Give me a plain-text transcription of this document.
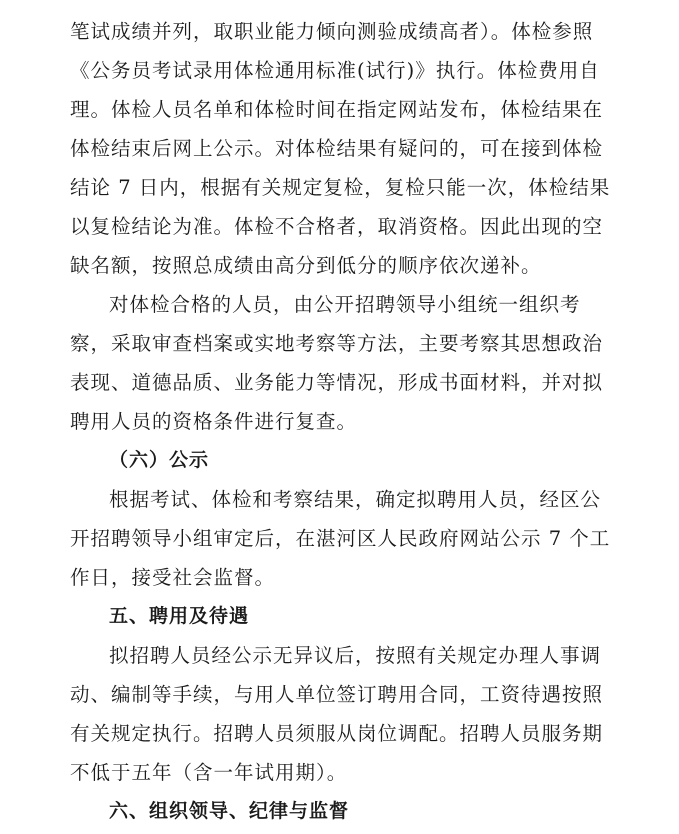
笔试成绩并列，取职业能力倾向测验成绩高者）。体检参照
《公务员考试录用体检通用标准(试行)》执行。体检费用自
理。体检人员名单和体检时间在指定网站发布，体检结果在
体检结束后网上公示。对体检结果有疑问的，可在接到体检
结论 7 日内，根据有关规定复检，复检只能一次，体检结果
以复检结论为准。体检不合格者，取消资格。因此出现的空
缺名额，按照总成绩由高分到低分的顺序依次递补。
对体检合格的人员，由公开招聘领导小组统一组织考
察，采取审查档案或实地考察等方法，主要考察其思想政治
表现、道德品质、业务能力等情况，形成书面材料，并对拟
聘用人员的资格条件进行复查。
（六）公示
根据考试、体检和考察结果，确定拟聘用人员，经区公
开招聘领导小组审定后，在湛河区人民政府网站公示 7 个工
作日，接受社会监督。
五、聘用及待遇
拟招聘人员经公示无异议后，按照有关规定办理人事调
动、编制等手续，与用人单位签订聘用合同，工资待遇按照
有关规定执行。招聘人员须服从岗位调配。招聘人员服务期
不低于五年（含一年试用期）。
六、组织领导、纪律与监督
